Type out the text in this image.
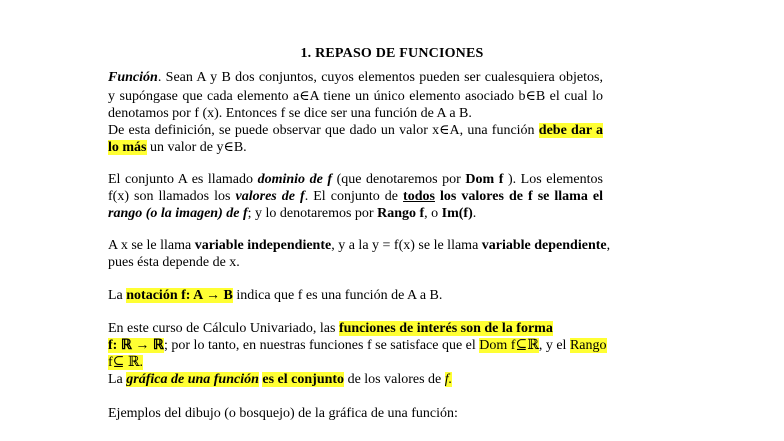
1. REPASO DE FUNCIONES
Función. Sean A y B dos conjuntos, cuyos elementos pueden ser cualesquiera objetos,
y supóngase que cada elemento a∈A tiene un único elemento asociado b∈B el cual lo
denotamos por f (x). Entonces f se dice ser una función de A a B.
De esta definición, se puede observar que dado un valor x∈A, una función debe dar a
lo más un valor de y∈B.
El conjunto A es llamado dominio de f (que denotaremos por Dom f ). Los elementos
f(x) son llamados los valores de f. El conjunto de todos los valores de f se llama el
rango (o la imagen) de f; y lo denotaremos por Rango f, o Im(f).
A x se le llama variable independiente, y a la y = f(x) se le llama variable dependiente,
pues ésta depende de x.
La notación f: A → B indica que f es una función de A a B.
En este curso de Cálculo Univariado, las funciones de interés son de la forma
f: ℝ → ℝ; por lo tanto, en nuestras funciones f se satisface que el Dom f⊆ℝ, y el Rango
f⊆ ℝ.
La gráfica de una función es el conjunto de los valores de f.
Ejemplos del dibujo (o bosquejo) de la gráfica de una función:
